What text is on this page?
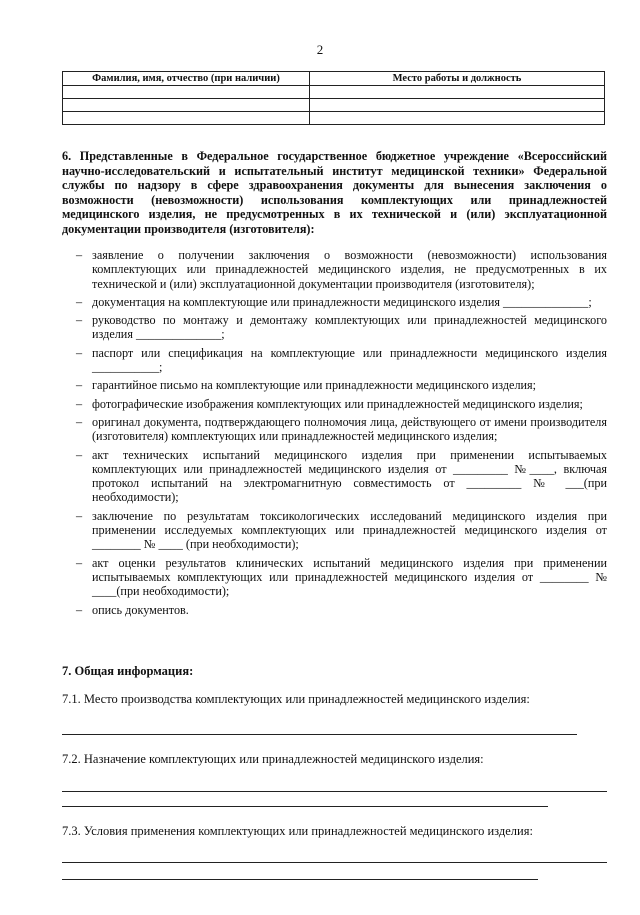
2
Фамилия, имя, отчество (при наличии)	Место работы и должность

6. Представленные в Федеральное государственное бюджетное учреждение «Всероссийский научно-исследовательский и испытательный институт медицинской техники» Федеральной службы по надзору в сфере здравоохранения документы для вынесения заключения о возможности (невозможности) использования комплектующих или принадлежностей медицинского изделия, не предусмотренных в их технической и (или) эксплуатационной документации производителя (изготовителя):
– заявление о получении заключения о возможности (невозможности) использования комплектующих или принадлежностей медицинского изделия, не предусмотренных в их технической и (или) эксплуатационной документации производителя (изготовителя);
– документация на комплектующие или принадлежности медицинского изделия ______________;
– руководство по монтажу и демонтажу комплектующих или принадлежностей медицинского изделия ______________;
– паспорт или спецификация на комплектующие или принадлежности медицинского изделия ___________;
– гарантийное письмо на комплектующие или принадлежности медицинского изделия;
– фотографические изображения комплектующих или принадлежностей медицинского изделия;
– оригинал документа, подтверждающего полномочия лица, действующего от имени производителя (изготовителя) комплектующих или принадлежностей медицинского изделия;
– акт технических испытаний медицинского изделия при применении испытываемых комплектующих или принадлежностей медицинского изделия от _________ №____, включая протокол испытаний на электромагнитную совместимость от _________ № ___(при необходимости);
– заключение по результатам токсикологических исследований медицинского изделия при применении исследуемых комплектующих или принадлежностей медицинского изделия от ________ № ____ (при необходимости);
– акт оценки результатов клинических испытаний медицинского изделия при применении испытываемых комплектующих или принадлежностей медицинского изделия от ________ № ____(при необходимости);
– опись документов.
7. Общая информация:
7.1. Место производства комплектующих или принадлежностей медицинского изделия:
7.2. Назначение комплектующих или принадлежностей медицинского изделия:
7.3. Условия применения комплектующих или принадлежностей медицинского изделия:
